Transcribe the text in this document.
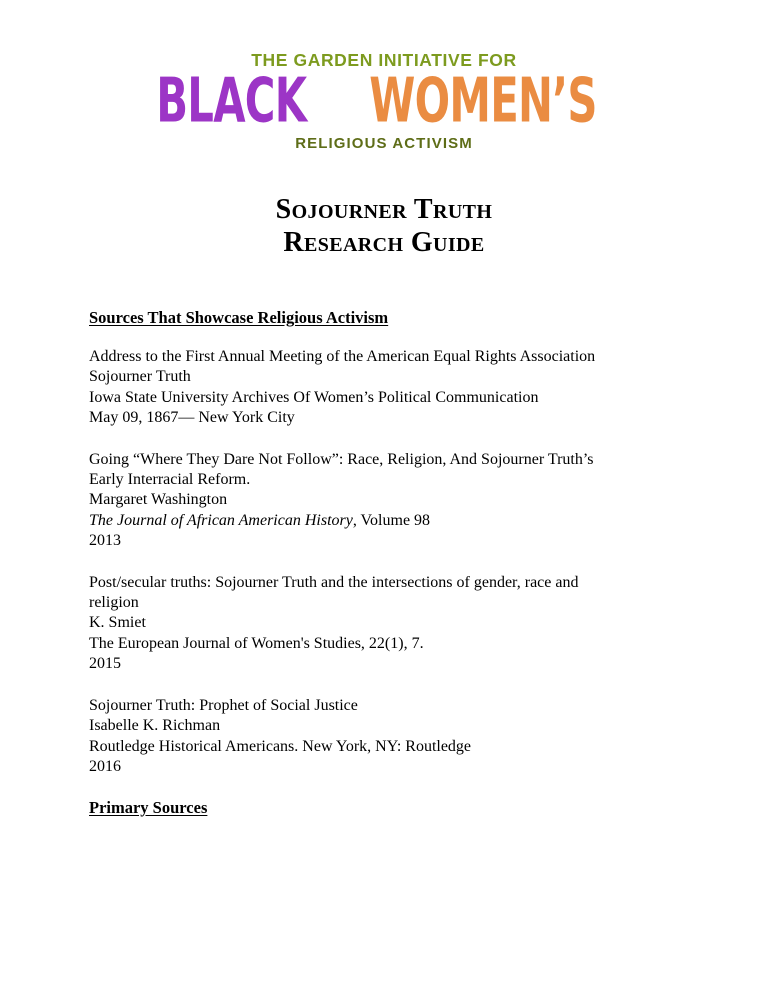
THE GARDEN INITIATIVE FOR
BLACK WOMEN’S
RELIGIOUS ACTIVISM
Sojourner Truth
Research Guide
Sources That Showcase Religious Activism
Address to the First Annual Meeting of the American Equal Rights Association
Sojourner Truth
Iowa State University Archives Of Women’s Political Communication
May 09, 1867— New York City
Going “Where They Dare Not Follow”: Race, Religion, And Sojourner Truth’s
Early Interracial Reform.
Margaret Washington
The Journal of African American History, Volume 98
2013
Post/secular truths: Sojourner Truth and the intersections of gender, race and
religion
K. Smiet
The European Journal of Women's Studies, 22(1), 7.
2015
Sojourner Truth: Prophet of Social Justice
Isabelle K. Richman
Routledge Historical Americans. New York, NY: Routledge
2016
Primary Sources
